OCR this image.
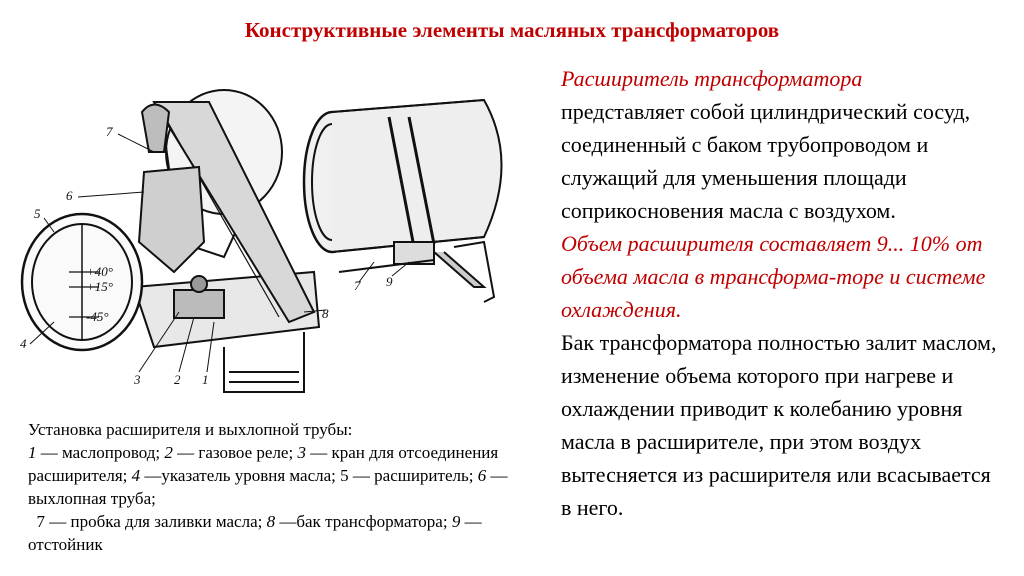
Конструктивные элементы масляных трансформаторов
1
2
3
4
5
6
7
8
9
7
+40°
+15°
-45°
Установка расширителя и выхлопной трубы:
1 — маслопровод; 2 — газовое реле; 3 — кран для отсоединения расширителя; 4 —указатель уровня масла; 5 — расширитель; 6 —выхлопная труба;
7 — пробка для заливки масла; 8 —бак трансформатора; 9 — отстойник

Расширитель трансформатора

представляет собой цилиндрический сосуд, соединенный с баком трубопроводом и служащий для уменьшения площади соприкосновения масла с воздухом.

Объем расширителя составляет 9... 10% от объема масла в трансформа-торе и системе охлаждения.

Бак трансформатора полностью залит маслом, изменение объема которого при нагреве и охлаждении приводит к колебанию уровня масла в расширителе, при этом воздух вытесняется из расширителя или всасывается в него.
